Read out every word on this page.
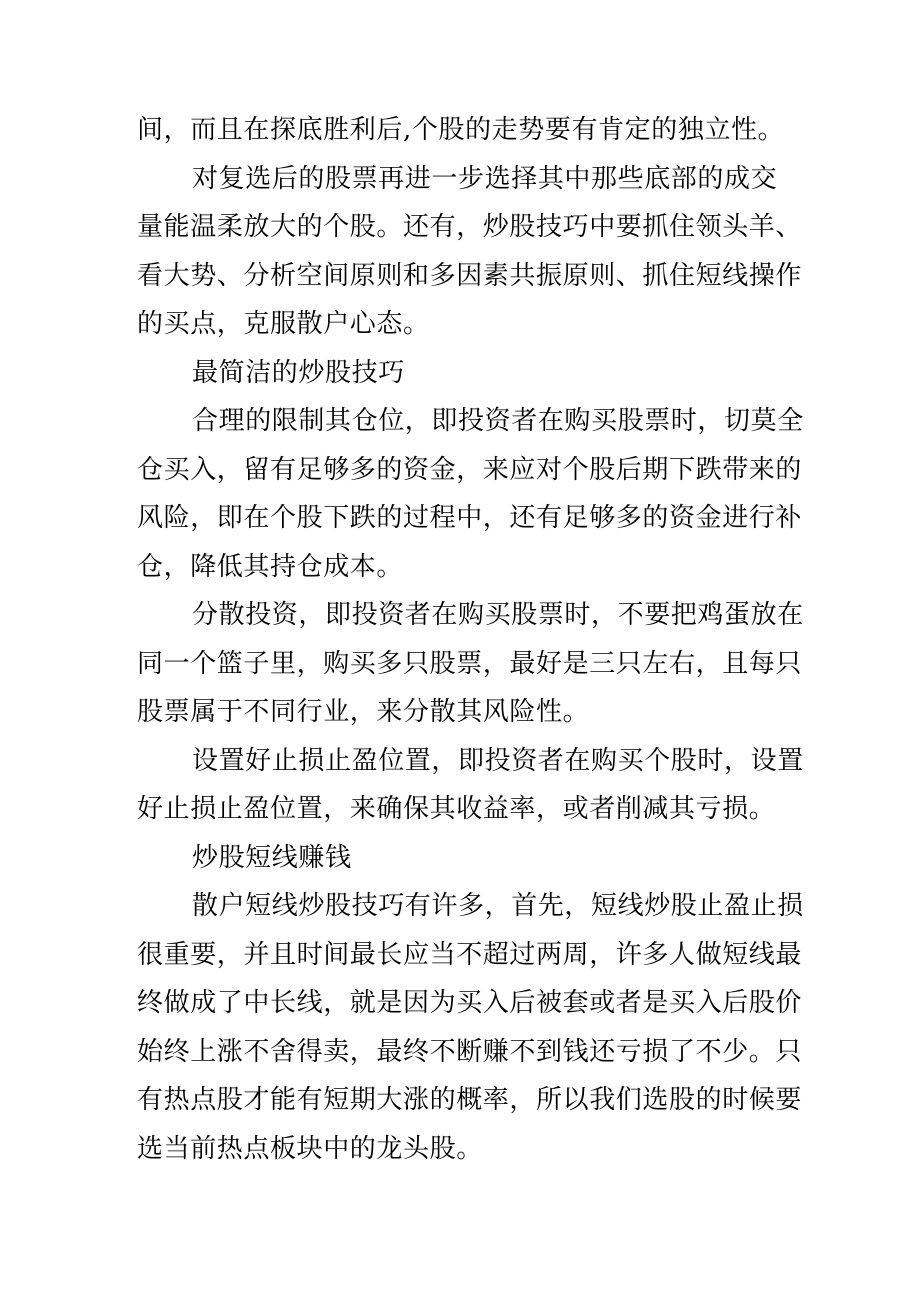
间，而且在探底胜利后,个股的走势要有肯定的独立性。
对复选后的股票再进一步选择其中那些底部的成交
量能温柔放大的个股。还有，炒股技巧中要抓住领头羊、
看大势、分析空间原则和多因素共振原则、抓住短线操作
的买点，克服散户心态。
最简洁的炒股技巧
合理的限制其仓位，即投资者在购买股票时，切莫全
仓买入，留有足够多的资金，来应对个股后期下跌带来的
风险，即在个股下跌的过程中，还有足够多的资金进行补
仓，降低其持仓成本。
分散投资，即投资者在购买股票时，不要把鸡蛋放在
同一个篮子里，购买多只股票，最好是三只左右，且每只
股票属于不同行业，来分散其风险性。
设置好止损止盈位置，即投资者在购买个股时，设置
好止损止盈位置，来确保其收益率，或者削减其亏损。
炒股短线赚钱
散户短线炒股技巧有许多，首先，短线炒股止盈止损
很重要，并且时间最长应当不超过两周，许多人做短线最
终做成了中长线，就是因为买入后被套或者是买入后股价
始终上涨不舍得卖，最终不断赚不到钱还亏损了不少。只
有热点股才能有短期大涨的概率，所以我们选股的时候要
选当前热点板块中的龙头股。
